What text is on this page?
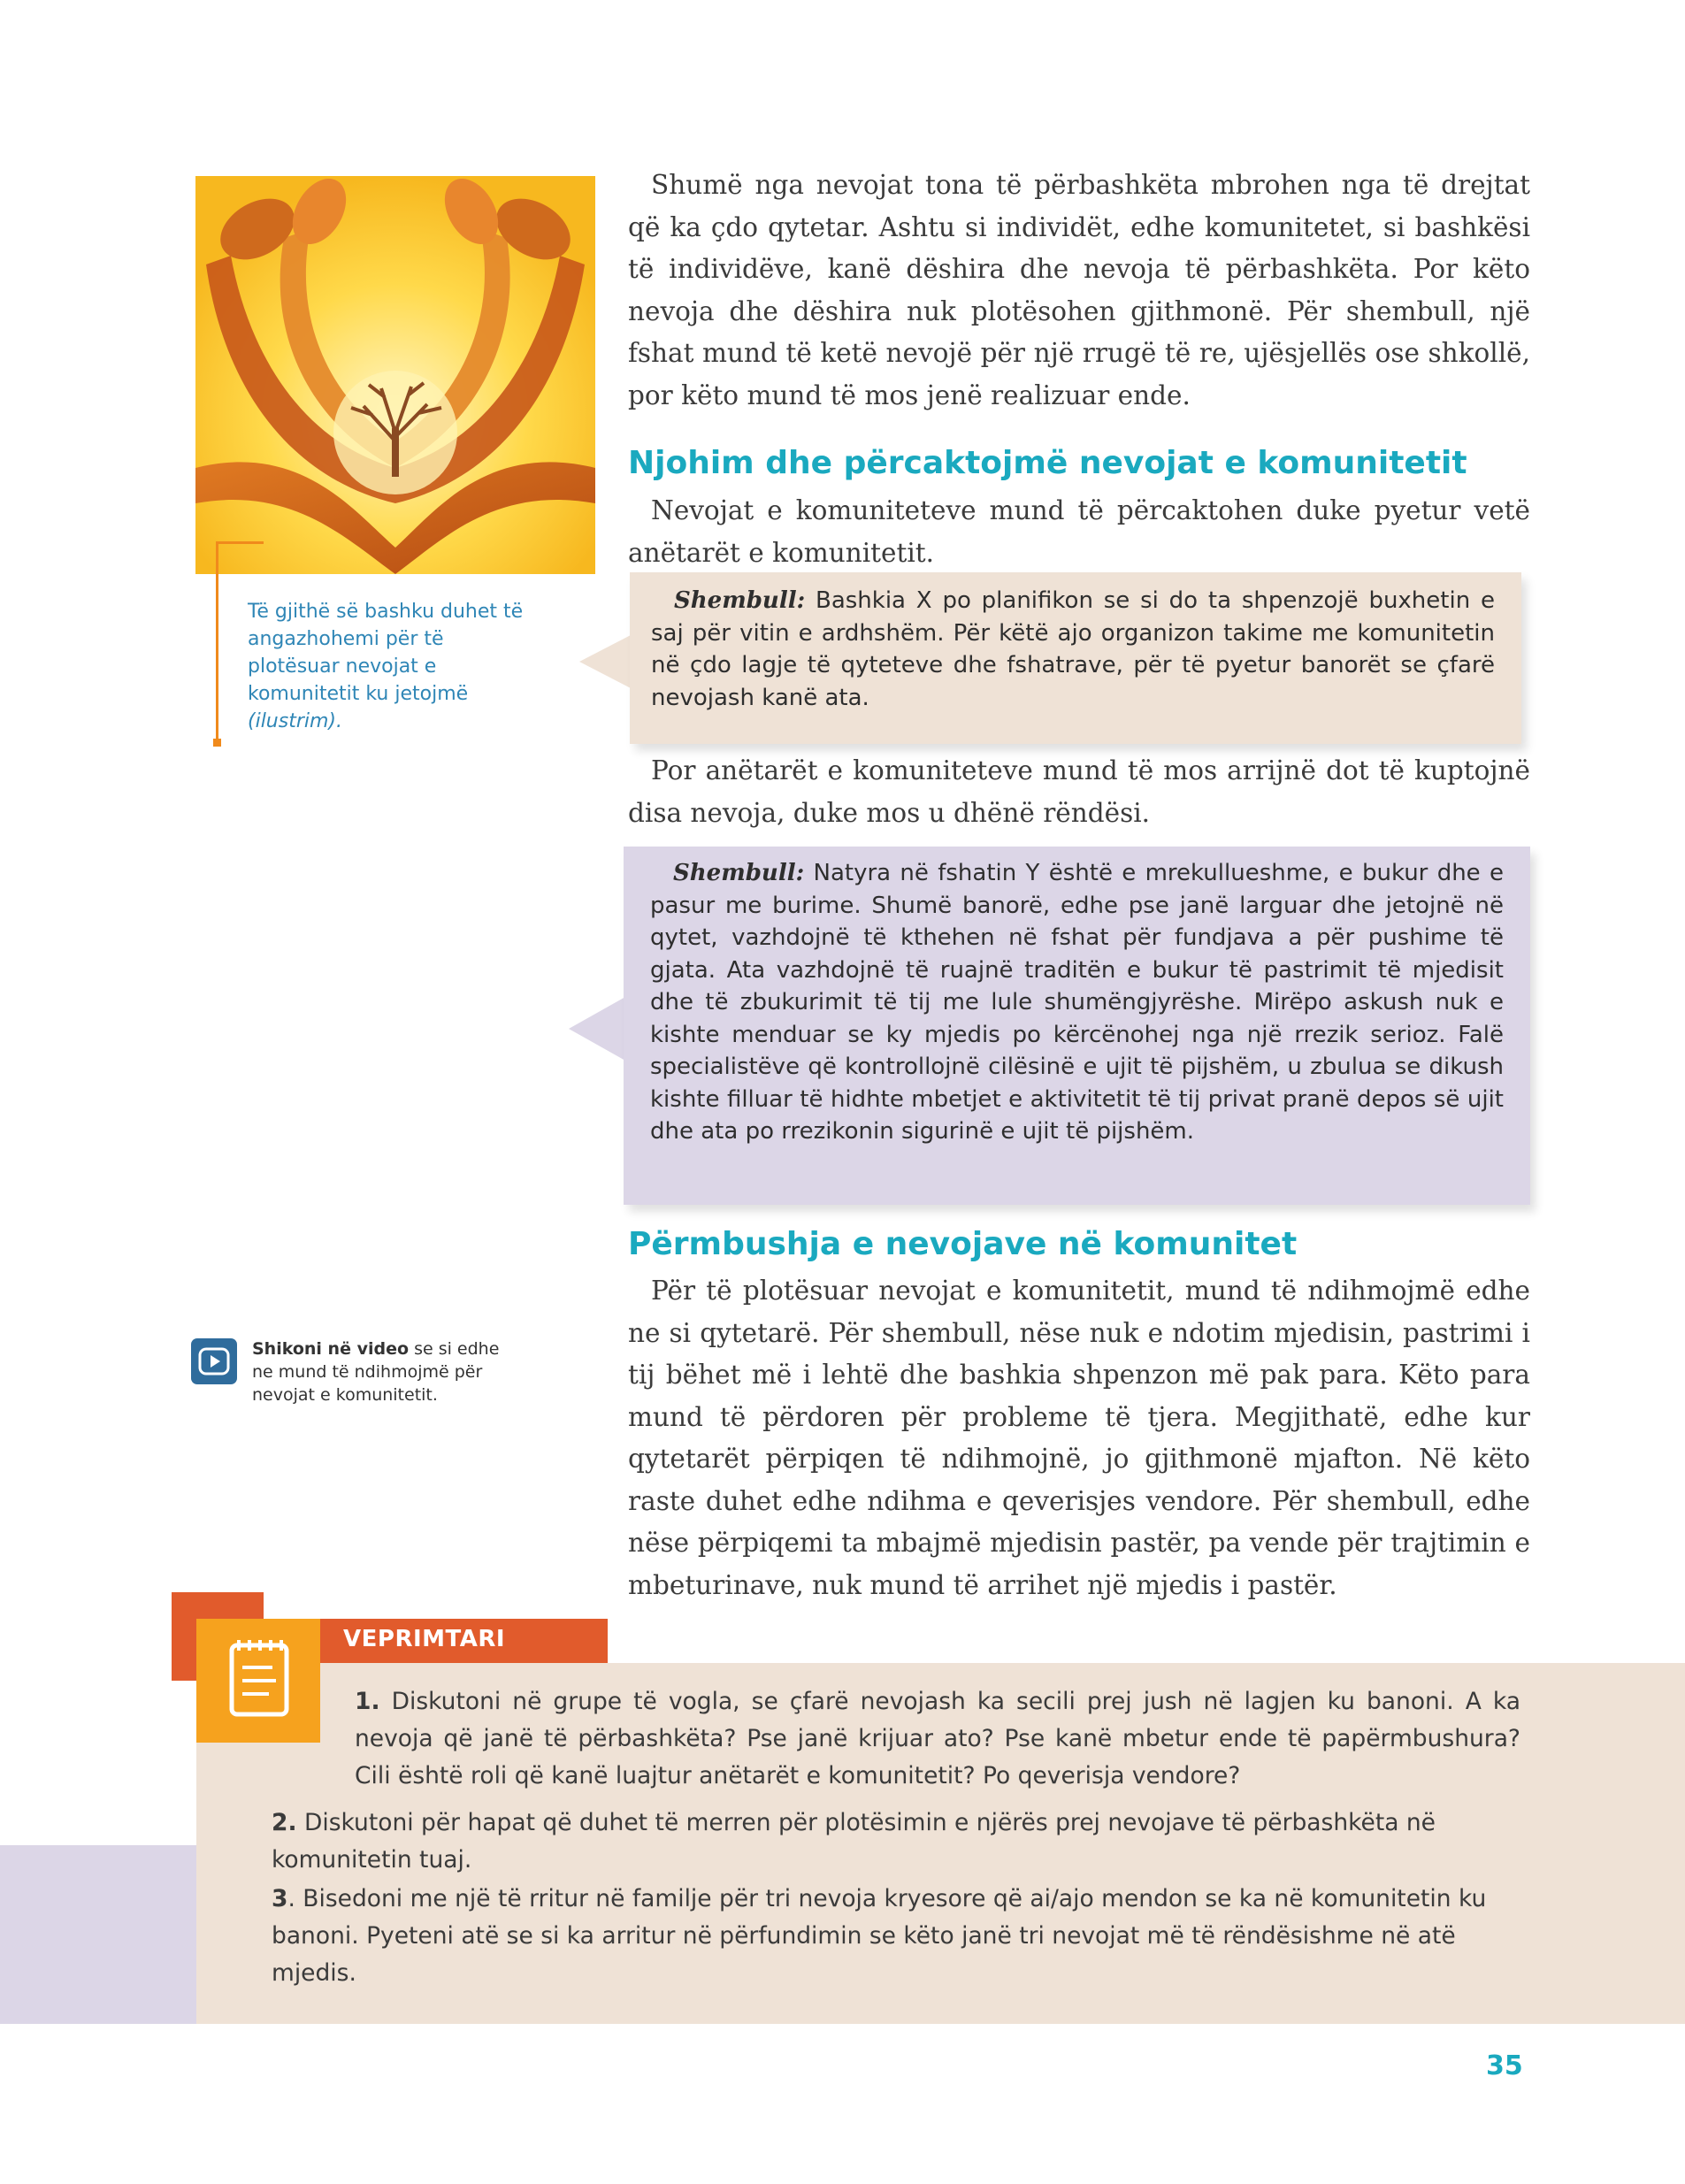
Të gjithë së bashku duhet të angazhohemi për të plotësuar nevojat e komunitetit ku jetojmë (ilustrim).
Shumë nga nevojat tona të përbashkëta mbrohen nga të drejtat që ka çdo qytetar. Ashtu si individët, edhe komunitetet, si bashkësi të individëve, kanë dëshira dhe nevoja të përbashkëta. Por këto nevoja dhe dëshira nuk plotësohen gjithmonë. Për shembull, një fshat mund të ketë nevojë për një rrugë të re, ujësjellës ose shkollë, por këto mund të mos jenë realizuar ende.
Njohim dhe përcaktojmë nevojat e komunitetit
Nevojat e komuniteteve mund të përcaktohen duke pyetur vetë anëtarët e komunitetit.
Shembull: Bashkia X po planifikon se si do ta shpenzojë buxhetin e saj për vitin e ardhshëm. Për këtë ajo organizon takime me komunitetin në çdo lagje të qyteteve dhe fshatrave, për të pyetur banorët se çfarë nevojash kanë ata.
Por anëtarët e komuniteteve mund të mos arrijnë dot të kuptojnë disa nevoja, duke mos u dhënë rëndësi.
Shembull: Natyra në fshatin Y është e mrekullueshme, e bukur dhe e pasur me burime. Shumë banorë, edhe pse janë larguar dhe jetojnë në qytet, vazhdojnë të kthehen në fshat për fundjava a për pushime të gjata. Ata vazhdojnë të ruajnë traditën e bukur të pastrimit të mjedisit dhe të zbukurimit të tij me lule shumëngjyrëshe. Mirëpo askush nuk e kishte menduar se ky mjedis po kërcënohej nga një rrezik serioz. Falë specialistëve që kontrollojnë cilësinë e ujit të pijshëm, u zbulua se dikush kishte filluar të hidhte mbetjet e aktivitetit të tij privat pranë depos së ujit dhe ata po rrezikonin sigurinë e ujit të pijshëm.
Përmbushja e nevojave në komunitet
Për të plotësuar nevojat e komunitetit, mund të ndihmojmë edhe ne si qytetarë. Për shembull, nëse nuk e ndotim mjedisin, pastrimi i tij bëhet më i lehtë dhe bashkia shpenzon më pak para. Këto para mund të përdoren për probleme të tjera. Megjithatë, edhe kur qytetarët përpiqen të ndihmojnë, jo gjithmonë mjafton. Në këto raste duhet edhe ndihma e qeverisjes vendore. Për shembull, edhe nëse përpiqemi ta mbajmë mjedisin pastër, pa vende për trajtimin e mbeturinave, nuk mund të arrihet një mjedis i pastër.
Shikoni në video se si edhe ne mund të ndihmojmë për nevojat e komunitetit.
VEPRIMTARI
1. Diskutoni në grupe të vogla, se çfarë nevojash ka secili prej jush në lagjen ku banoni. A ka nevoja që janë të përbashkëta? Pse janë krijuar ato? Pse kanë mbetur ende të papërmbushura? Cili është roli që kanë luajtur anëtarët e komunitetit? Po qeverisja vendore?
2. Diskutoni për hapat që duhet të merren për plotësimin e njërës prej nevojave të përbashkëta në komunitetin tuaj.
3. Bisedoni me një të rritur në familje për tri nevoja kryesore që ai/ajo mendon se ka në komunitetin ku banoni. Pyeteni atë se si ka arritur në përfundimin se këto janë tri nevojat më të rëndësishme në atë mjedis.
35
